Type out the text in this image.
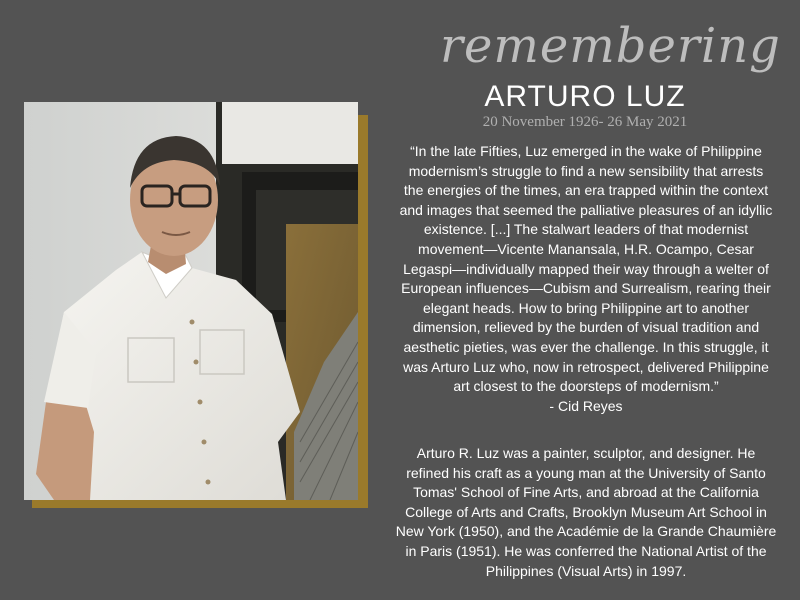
remembering
ARTURO LUZ
20 November 1926- 26 May 2021
“In the late Fifties, Luz emerged in the wake of Philippine
modernism’s struggle to find a new sensibility that arrests
the energies of the times, an era trapped within the context
and images that seemed the palliative pleasures of an idyllic
existence. [...] The stalwart leaders of that modernist
movement—Vicente Manansala, H.R. Ocampo, Cesar
Legaspi—individually mapped their way through a welter of
European influences—Cubism and Surrealism, rearing their
elegant heads. How to bring Philippine art to another
dimension, relieved by the burden of visual tradition and
aesthetic pieties, was ever the challenge. In this struggle, it
was Arturo Luz who, now in retrospect, delivered Philippine
art closest to the doorsteps of modernism.”
- Cid Reyes
Arturo R. Luz was a painter, sculptor, and designer. He
refined his craft as a young man at the University of Santo
Tomas' School of Fine Arts, and abroad at the California
College of Arts and Crafts, Brooklyn Museum Art School in
New York (1950), and the Académie de la Grande Chaumière
in Paris (1951). He was conferred the National Artist of the
Philippines (Visual Arts) in 1997.
